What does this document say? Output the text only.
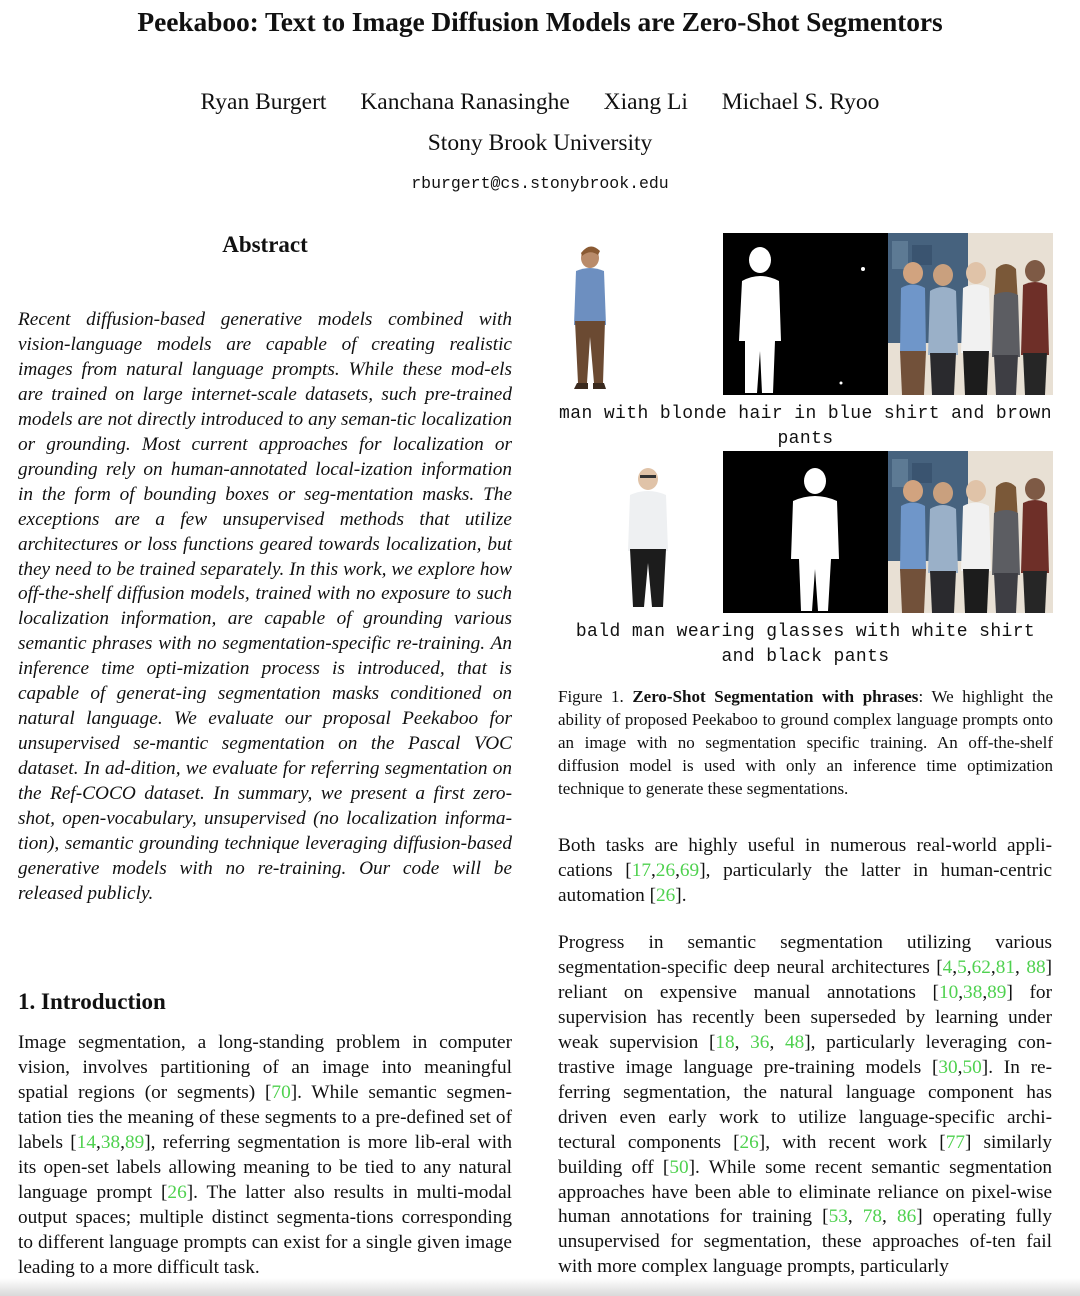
Peekaboo: Text to Image Diffusion Models are Zero-Shot Segmentors
Ryan Burgert Kanchana Ranasinghe Xiang Li Michael S. Ryoo
Stony Brook University
rburgert@cs.stonybrook.edu
Abstract
Recent diffusion-based generative models combined with vision-language models are capable of creating realistic images from natural language prompts. While these mod-els are trained on large internet-scale datasets, such pre-trained models are not directly introduced to any seman-tic localization or grounding. Most current approaches for localization or grounding rely on human-annotated local-ization information in the form of bounding boxes or seg-mentation masks. The exceptions are a few unsupervised methods that utilize architectures or loss functions geared towards localization, but they need to be trained separately. In this work, we explore how off-the-shelf diffusion models, trained with no exposure to such localization information, are capable of grounding various semantic phrases with no segmentation-specific re-training. An inference time opti-mization process is introduced, that is capable of generat-ing segmentation masks conditioned on natural language. We evaluate our proposal Peekaboo for unsupervised se-mantic segmentation on the Pascal VOC dataset. In ad-dition, we evaluate for referring segmentation on the Ref-COCO dataset. In summary, we present a first zero-shot, open-vocabulary, unsupervised (no localization informa-tion), semantic grounding technique leveraging diffusion-based generative models with no re-training. Our code will be released publicly.
1. Introduction
Image segmentation, a long-standing problem in computer vision, involves partitioning of an image into meaningful spatial regions (or segments) [70]. While semantic segmen-tation ties the meaning of these segments to a pre-defined set of labels [14,38,89], referring segmentation is more lib-eral with its open-set labels allowing meaning to be tied to any natural language prompt [26]. The latter also results in multi-modal output spaces; multiple distinct segmenta-tions corresponding to different language prompts can exist for a single given image leading to a more difficult task.
Both tasks are highly useful in numerous real-world appli-cations [17,26,69], particularly the latter in human-centric automation [26].
Progress in semantic segmentation utilizing various segmentation-specific deep neural architectures [4,5,62,81, 88] reliant on expensive manual annotations [10,38,89] for supervision has recently been superseded by learning under weak supervision [18, 36, 48], particularly leveraging con-trastive image language pre-training models [30,50]. In re-ferring segmentation, the natural language component has driven even early work to utilize language-specific archi-tectural components [26], with recent work [77] similarly building off [50]. While some recent semantic segmentation approaches have been able to eliminate reliance on pixel-wise human annotations for training [53, 78, 86] operating fully unsupervised for segmentation, these approaches of-ten fail with more complex language prompts, particularly
man with blonde hair in blue shirt and brown pants
bald man wearing glasses with white shirt and black pants
Figure 1. Zero-Shot Segmentation with phrases: We highlight the ability of proposed Peekaboo to ground complex language prompts onto an image with no segmentation specific training. An off-the-shelf diffusion model is used with only an inference time optimization technique to generate these segmentations.
